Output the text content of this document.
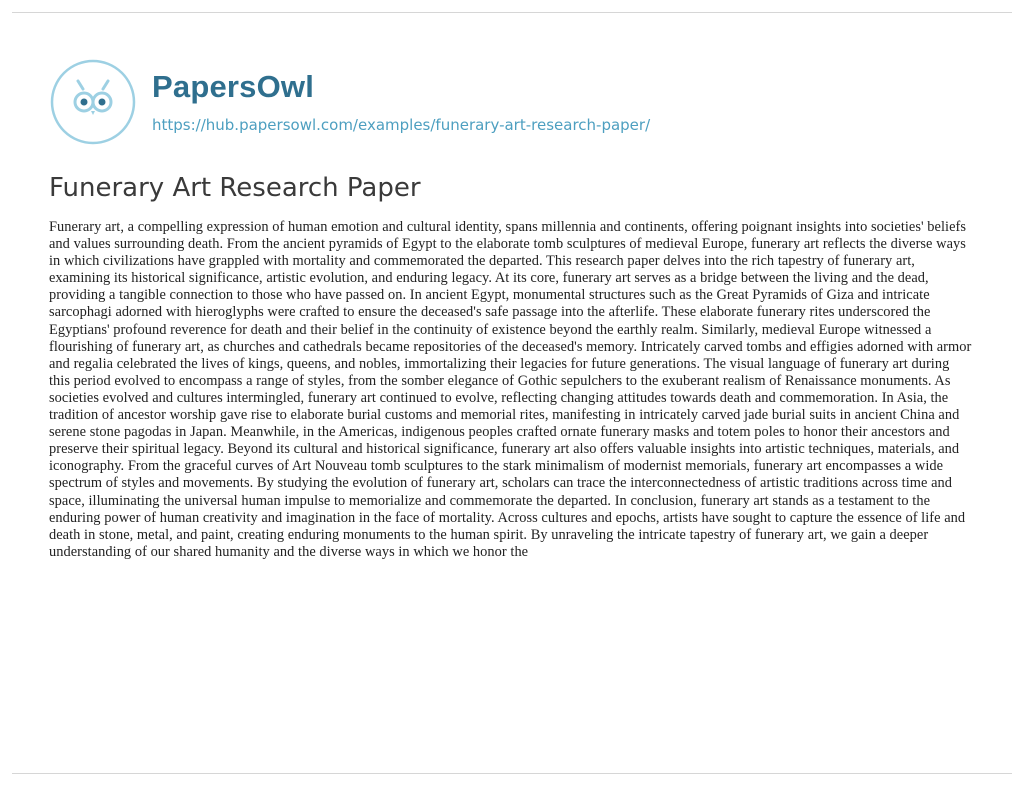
PapersOwl
https://hub.papersowl.com/examples/funerary-art-research-paper/
Funerary Art Research Paper

Funerary art, a compelling expression of human emotion and cultural identity, spans millennia and continents, offering poignant insights into societies' beliefs and values surrounding death. From the ancient pyramids of Egypt to the elaborate tomb sculptures of medieval Europe, funerary art reflects the diverse ways in which civilizations have grappled with mortality and commemorated the departed. This research paper delves into the rich tapestry of funerary art, examining its historical significance, artistic evolution, and enduring legacy. At its core, funerary art serves as a bridge between the living and the dead, providing a tangible connection to those who have passed on. In ancient Egypt, monumental structures such as the Great Pyramids of Giza and intricate sarcophagi adorned with hieroglyphs were crafted to ensure the deceased's safe passage into the afterlife. These elaborate funerary rites underscored the Egyptians' profound reverence for death and their belief in the continuity of existence beyond the earthly realm. Similarly, medieval Europe witnessed a flourishing of funerary art, as churches and cathedrals became repositories of the deceased's memory. Intricately carved tombs and effigies adorned with armor and regalia celebrated the lives of kings, queens, and nobles, immortalizing their legacies for future generations. The visual language of funerary art during this period evolved to encompass a range of styles, from the somber elegance of Gothic sepulchers to the exuberant realism of Renaissance monuments. As societies evolved and cultures intermingled, funerary art continued to evolve, reflecting changing attitudes towards death and commemoration. In Asia, the tradition of ancestor worship gave rise to elaborate burial customs and memorial rites, manifesting in intricately carved jade burial suits in ancient China and serene stone pagodas in Japan. Meanwhile, in the Americas, indigenous peoples crafted ornate funerary masks and totem poles to honor their ancestors and preserve their spiritual legacy. Beyond its cultural and historical significance, funerary art also offers valuable insights into artistic techniques, materials, and iconography. From the graceful curves of Art Nouveau tomb sculptures to the stark minimalism of modernist memorials, funerary art encompasses a wide spectrum of styles and movements. By studying the evolution of funerary art, scholars can trace the interconnectedness of artistic traditions across time and space, illuminating the universal human impulse to memorialize and commemorate the departed. In conclusion, funerary art stands as a testament to the enduring power of human creativity and imagination in the face of mortality. Across cultures and epochs, artists have sought to capture the essence of life and death in stone, metal, and paint, creating enduring monuments to the human spirit. By unraveling the intricate tapestry of funerary art, we gain a deeper understanding of our shared humanity and the diverse ways in which we honor the
